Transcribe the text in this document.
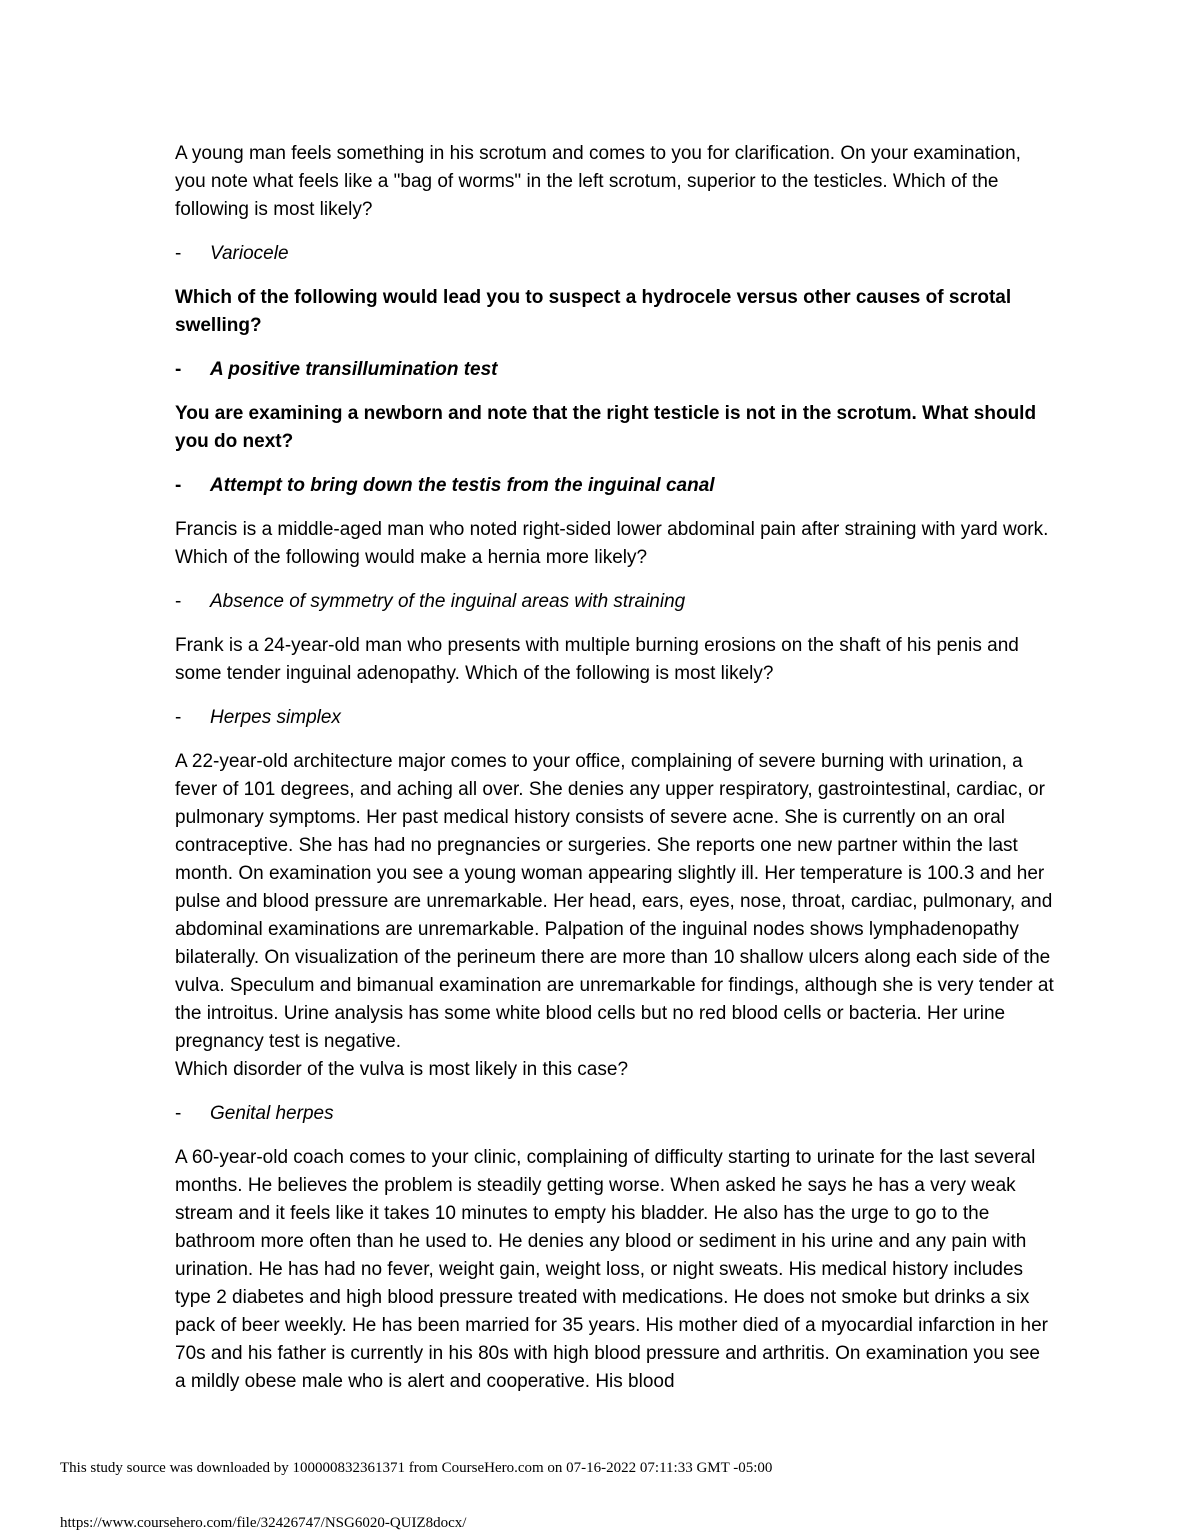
A young man feels something in his scrotum and comes to you for clarification. On your examination, you note what feels like a "bag of worms" in the left scrotum, superior to the testicles. Which of the following is most likely?

-	Variocele

Which of the following would lead you to suspect a hydrocele versus other causes of scrotal swelling?

-	A positive transillumination test

You are examining a newborn and note that the right testicle is not in the scrotum. What should you do next?

-	Attempt to bring down the testis from the inguinal canal

Francis is a middle-aged man who noted right-sided lower abdominal pain after straining with yard work. Which of the following would make a hernia more likely?

-	Absence of symmetry of the inguinal areas with straining

Frank is a 24-year-old man who presents with multiple burning erosions on the shaft of his penis and some tender inguinal adenopathy. Which of the following is most likely?

-	Herpes simplex

A 22-year-old architecture major comes to your office, complaining of severe burning with urination, a fever of 101 degrees, and aching all over. She denies any upper respiratory, gastrointestinal, cardiac, or pulmonary symptoms. Her past medical history consists of severe acne. She is currently on an oral contraceptive. She has had no pregnancies or surgeries. She reports one new partner within the last month. On examination you see a young woman appearing slightly ill. Her temperature is 100.3 and her pulse and blood pressure are unremarkable. Her head, ears, eyes, nose, throat, cardiac, pulmonary, and abdominal examinations are unremarkable. Palpation of the inguinal nodes shows lymphadenopathy bilaterally. On visualization of the perineum there are more than 10 shallow ulcers along each side of the vulva. Speculum and bimanual examination are unremarkable for findings, although she is very tender at the introitus. Urine analysis has some white blood cells but no red blood cells or bacteria. Her urine pregnancy test is negative.
Which disorder of the vulva is most likely in this case?

-	Genital herpes

A 60-year-old coach comes to your clinic, complaining of difficulty starting to urinate for the last several months. He believes the problem is steadily getting worse. When asked he says he has a very weak stream and it feels like it takes 10 minutes to empty his bladder. He also has the urge to go to the bathroom more often than he used to. He denies any blood or sediment in his urine and any pain with urination. He has had no fever, weight gain, weight loss, or night sweats. His medical history includes type 2 diabetes and high blood pressure treated with medications. He does not smoke but drinks a six pack of beer weekly. He has been married for 35 years. His mother died of a myocardial infarction in her 70s and his father is currently in his 80s with high blood pressure and arthritis. On examination you see a mildly obese male who is alert and cooperative. His blood

This study source was downloaded by 100000832361371 from CourseHero.com on 07-16-2022 07:11:33 GMT -05:00
https://www.coursehero.com/file/32426747/NSG6020-QUIZ8docx/
